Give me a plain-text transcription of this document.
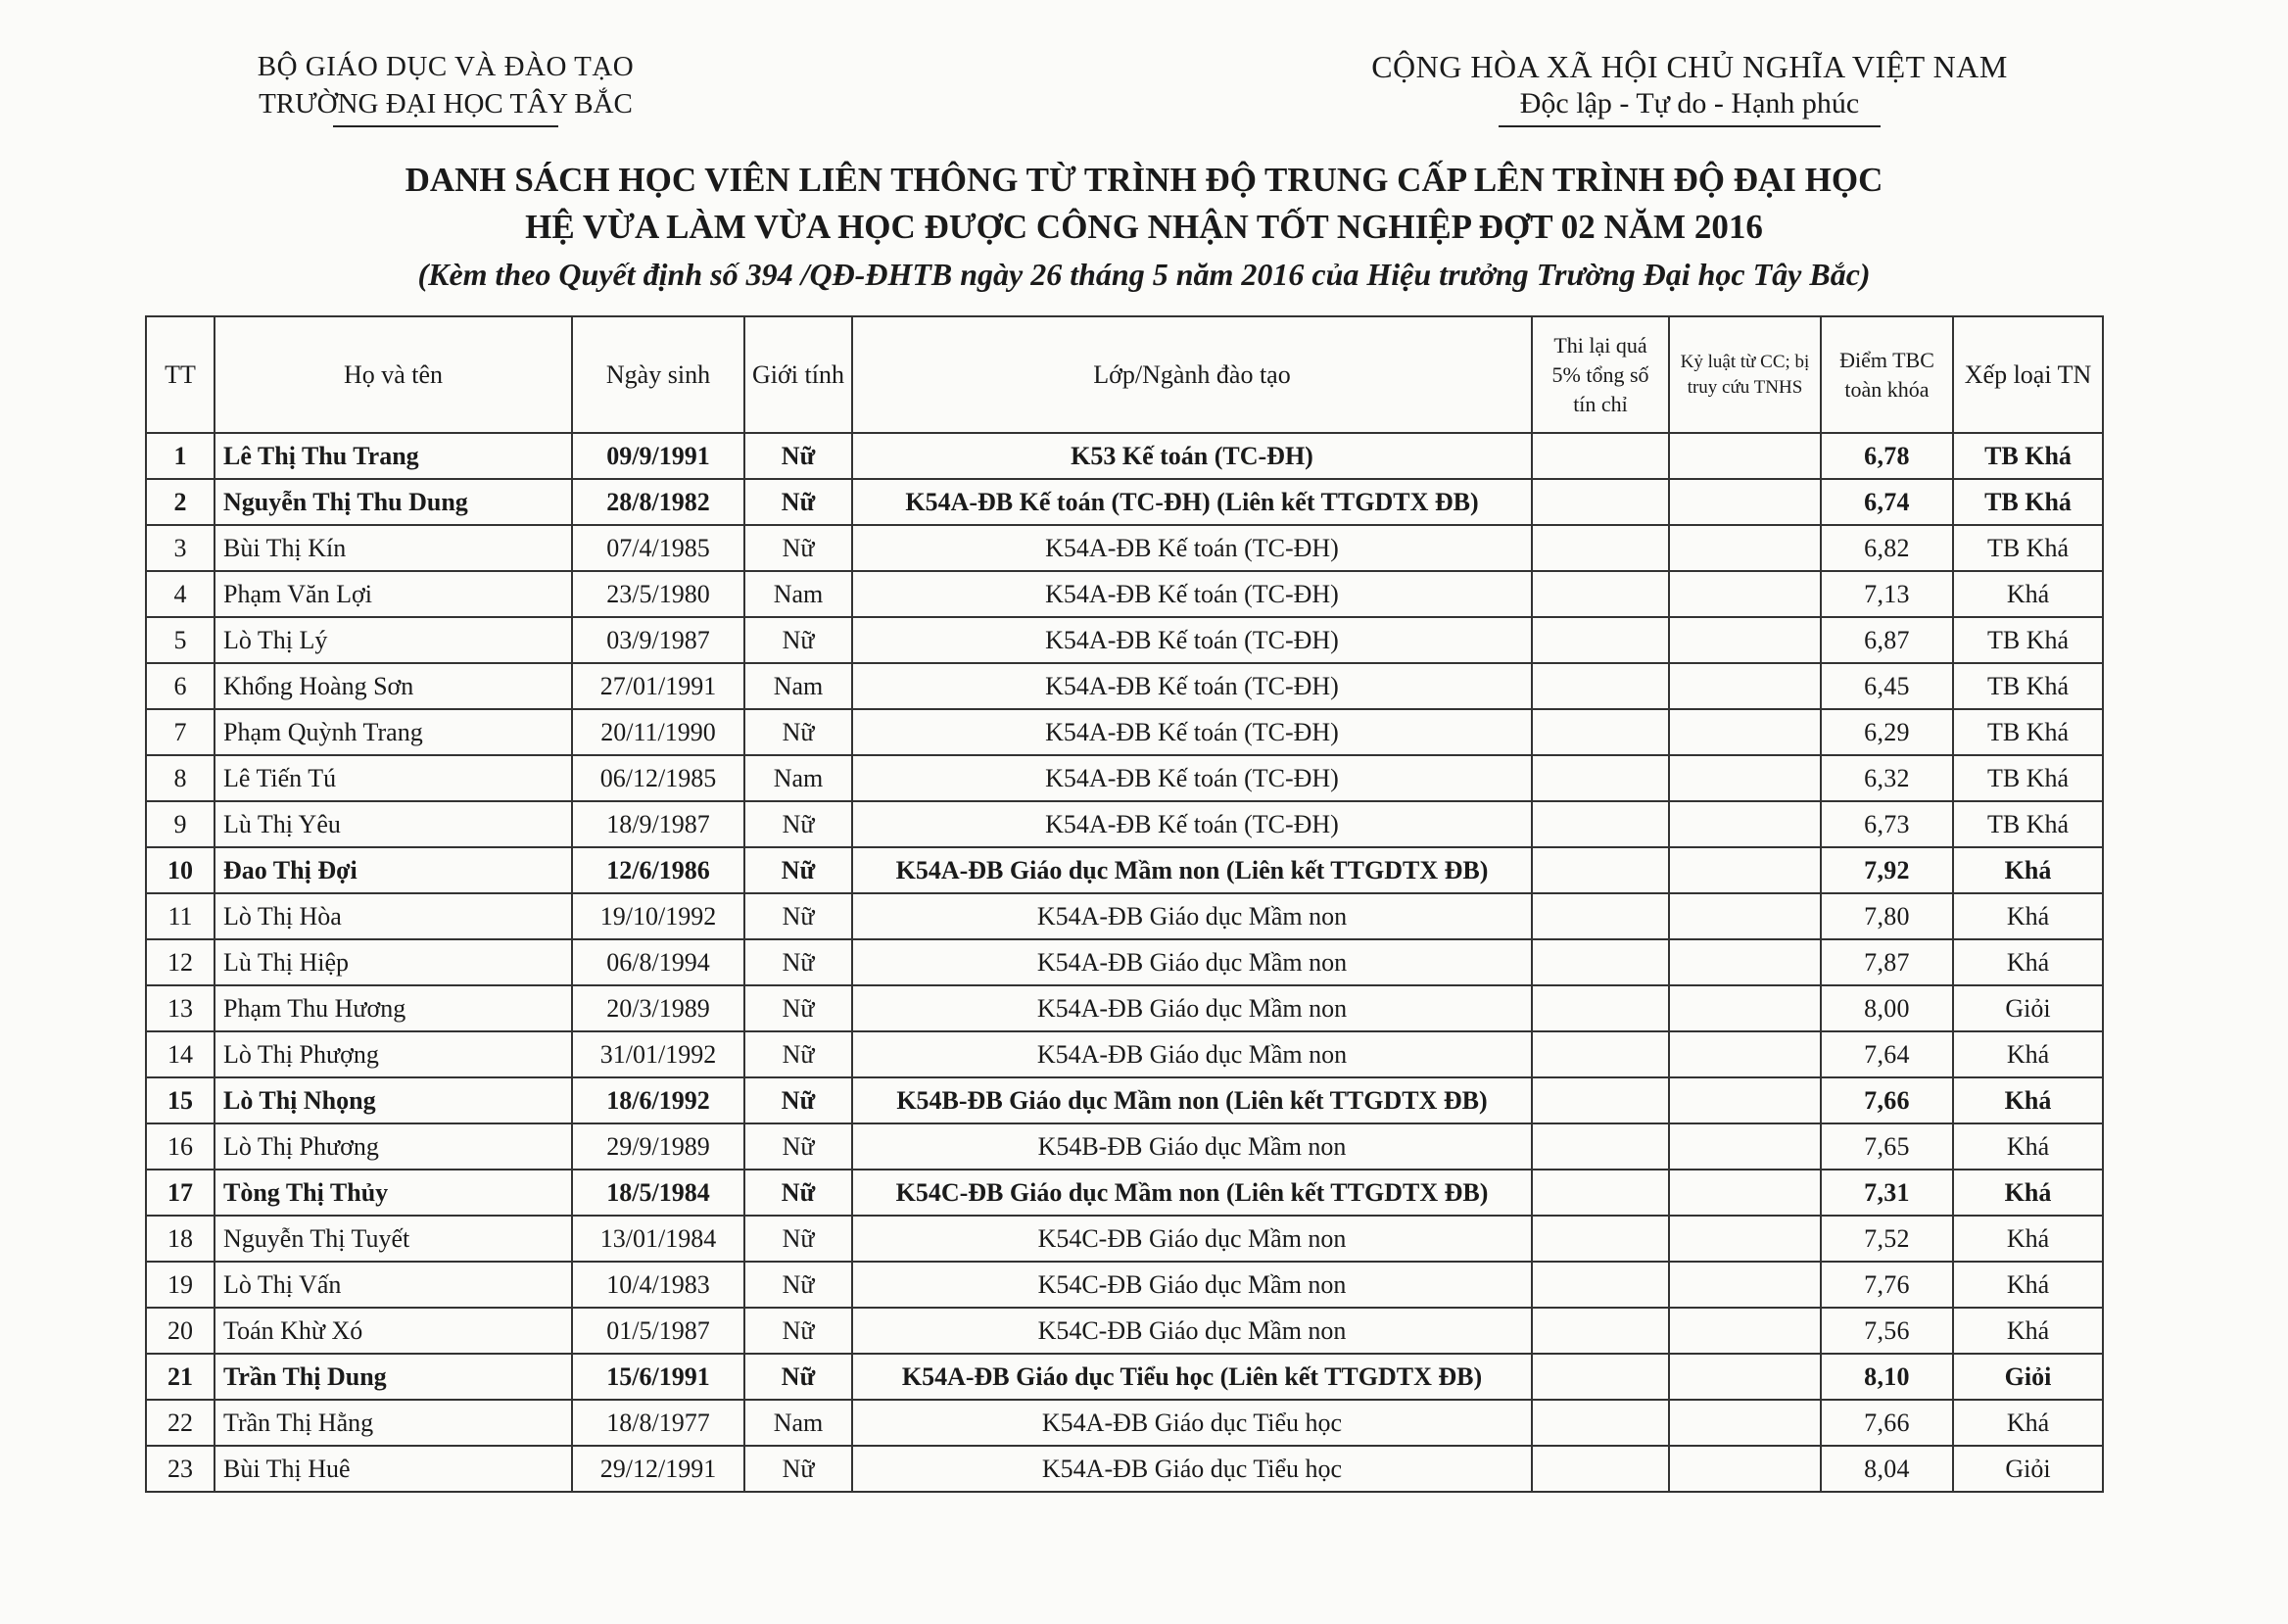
BỘ GIÁO DỤC VÀ ĐÀO TẠO
TRƯỜNG ĐẠI HỌC TÂY BẮC
CỘNG HÒA XÃ HỘI CHỦ NGHĨA VIỆT NAM
Độc lập - Tự do - Hạnh phúc
DANH SÁCH HỌC VIÊN LIÊN THÔNG TỪ TRÌNH ĐỘ TRUNG CẤP LÊN TRÌNH ĐỘ ĐẠI HỌC
HỆ VỪA LÀM VỪA HỌC ĐƯỢC CÔNG NHẬN TỐT NGHIỆP ĐỢT 02 NĂM 2016
(Kèm theo Quyết định số 394 /QĐ-ĐHTB ngày 26 tháng 5 năm 2016 của Hiệu trưởng Trường Đại học Tây Bắc)
TT	Họ và tên	Ngày sinh	Giới tính	Lớp/Ngành đào tạo	Thi lại quá 5% tổng số tín chỉ	Kỷ luật từ CC; bị truy cứu TNHS	Điểm TBC toàn khóa	Xếp loại TN
1	Lê Thị Thu Trang	09/9/1991	Nữ	K53 Kế toán (TC-ĐH)			6,78	TB Khá
2	Nguyễn Thị Thu Dung	28/8/1982	Nữ	K54A-ĐB Kế toán (TC-ĐH) (Liên kết TTGDTX ĐB)			6,74	TB Khá
3	Bùi Thị Kín	07/4/1985	Nữ	K54A-ĐB Kế toán (TC-ĐH)			6,82	TB Khá
4	Phạm Văn Lợi	23/5/1980	Nam	K54A-ĐB Kế toán (TC-ĐH)			7,13	Khá
5	Lò Thị Lý	03/9/1987	Nữ	K54A-ĐB Kế toán (TC-ĐH)			6,87	TB Khá
6	Khổng Hoàng Sơn	27/01/1991	Nam	K54A-ĐB Kế toán (TC-ĐH)			6,45	TB Khá
7	Phạm Quỳnh Trang	20/11/1990	Nữ	K54A-ĐB Kế toán (TC-ĐH)			6,29	TB Khá
8	Lê Tiến Tú	06/12/1985	Nam	K54A-ĐB Kế toán (TC-ĐH)			6,32	TB Khá
9	Lù Thị Yêu	18/9/1987	Nữ	K54A-ĐB Kế toán (TC-ĐH)			6,73	TB Khá
10	Đao Thị Đợi	12/6/1986	Nữ	K54A-ĐB Giáo dục Mầm non (Liên kết TTGDTX ĐB)			7,92	Khá
11	Lò Thị Hòa	19/10/1992	Nữ	K54A-ĐB Giáo dục Mầm non			7,80	Khá
12	Lù Thị Hiệp	06/8/1994	Nữ	K54A-ĐB Giáo dục Mầm non			7,87	Khá
13	Phạm Thu Hương	20/3/1989	Nữ	K54A-ĐB Giáo dục Mầm non			8,00	Giỏi
14	Lò Thị Phượng	31/01/1992	Nữ	K54A-ĐB Giáo dục Mầm non			7,64	Khá
15	Lò Thị Nhọng	18/6/1992	Nữ	K54B-ĐB Giáo dục Mầm non (Liên kết TTGDTX ĐB)			7,66	Khá
16	Lò Thị Phương	29/9/1989	Nữ	K54B-ĐB Giáo dục Mầm non			7,65	Khá
17	Tòng Thị Thủy	18/5/1984	Nữ	K54C-ĐB Giáo dục Mầm non (Liên kết TTGDTX ĐB)			7,31	Khá
18	Nguyễn Thị Tuyết	13/01/1984	Nữ	K54C-ĐB Giáo dục Mầm non			7,52	Khá
19	Lò Thị Vấn	10/4/1983	Nữ	K54C-ĐB Giáo dục Mầm non			7,76	Khá
20	Toán Khừ Xó	01/5/1987	Nữ	K54C-ĐB Giáo dục Mầm non			7,56	Khá
21	Trần Thị Dung	15/6/1991	Nữ	K54A-ĐB Giáo dục Tiểu học (Liên kết TTGDTX ĐB)			8,10	Giỏi
22	Trần Thị Hằng	18/8/1977	Nam	K54A-ĐB Giáo dục Tiểu học			7,66	Khá
23	Bùi Thị Huê	29/12/1991	Nữ	K54A-ĐB Giáo dục Tiểu học			8,04	Giỏi
